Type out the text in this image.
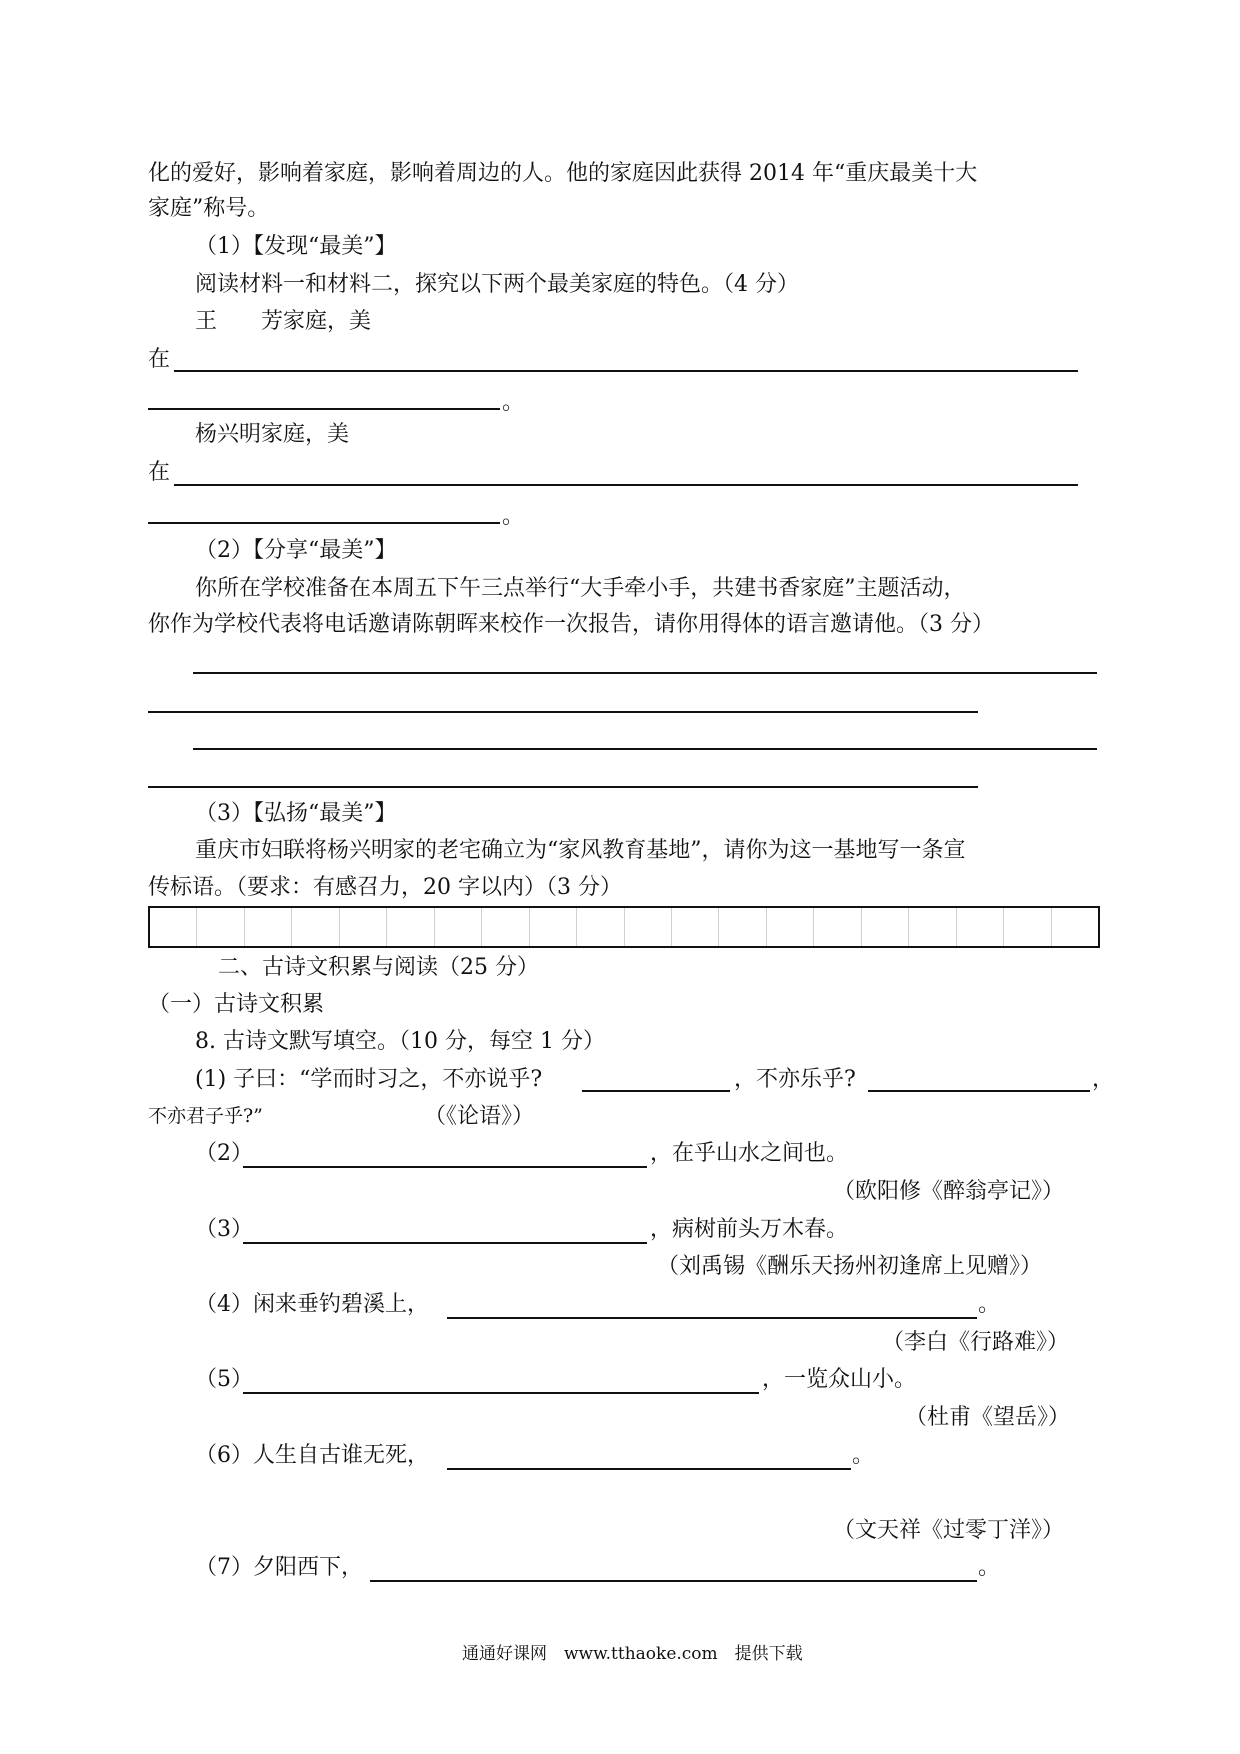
化的爱好，影响着家庭，影响着周边的人。他的家庭因此获得 2014 年“重庆最美十大
家庭”称号。
（1）【发现“最美”】
阅读材料一和材料二，探究以下两个最美家庭的特色。（4 分）
王　　芳家庭，美
在
。
杨兴明家庭，美
在
。
（2）【分享“最美”】
你所在学校准备在本周五下午三点举行“大手牵小手，共建书香家庭”主题活动，
你作为学校代表将电话邀请陈朝晖来校作一次报告，请你用得体的语言邀请他。（3 分）
（3）【弘扬“最美”】
重庆市妇联将杨兴明家的老宅确立为“家风教育基地”，请你为这一基地写一条宣
传标语。（要求：有感召力，20 字以内）（3 分）
二、古诗文积累与阅读（25 分）
（一）古诗文积累
8. 古诗文默写填空。（10 分，每空 1 分）
(1) 子曰：“学而时习之，不亦说乎?	，不亦乐乎?	，
不亦君子乎?”	（《论语》）
（2）	，在乎山水之间也。
（欧阳修《醉翁亭记》）
（3）	，病树前头万木春。
（刘禹锡《酬乐天扬州初逢席上见赠》）
（4）闲来垂钓碧溪上，	。
（李白《行路难》）
（5）	，一览众山小。
（杜甫《望岳》）
（6）人生自古谁无死，	。
（文天祥《过零丁洋》）
（7）夕阳西下，	。
通通好课网　www.tthaoke.com　提供下载
